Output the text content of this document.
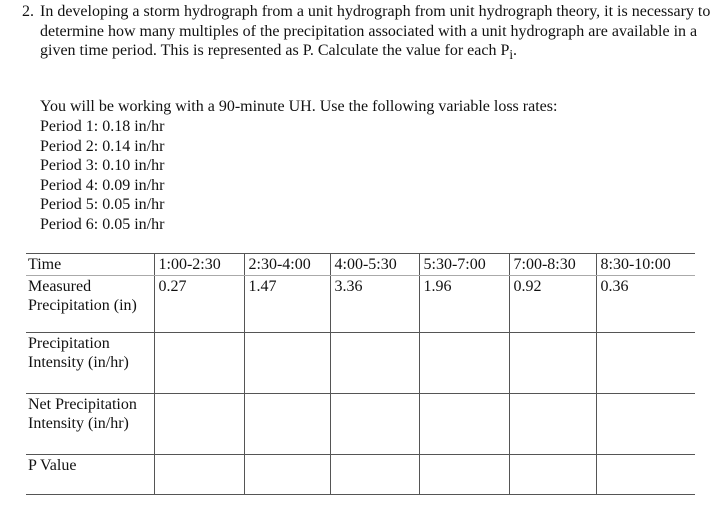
2. In developing a storm hydrograph from a unit hydrograph from unit hydrograph theory, it is necessary to determine how many multiples of the precipitation associated with a unit hydrograph are available in a given time period. This is represented as P. Calculate the value for each $P_i$.
You will be working with a 90-minute UH. Use the following variable loss rates:
Period 1: 0.18 in/hr
Period 2: 0.14 in/hr
Period 3: 0.10 in/hr
Period 4: 0.09 in/hr
Period 5: 0.05 in/hr
Period 6: 0.05 in/hr
Time	1:00-2:30	2:30-4:00	4:00-5:30	5:30-7:00	7:00-8:30	8:30-10:00
Measured Precipitation (in)	0.27	1.47	3.36	1.96	0.92	0.36
Precipitation Intensity (in/hr)						
Net Precipitation Intensity (in/hr)						
P Value						
